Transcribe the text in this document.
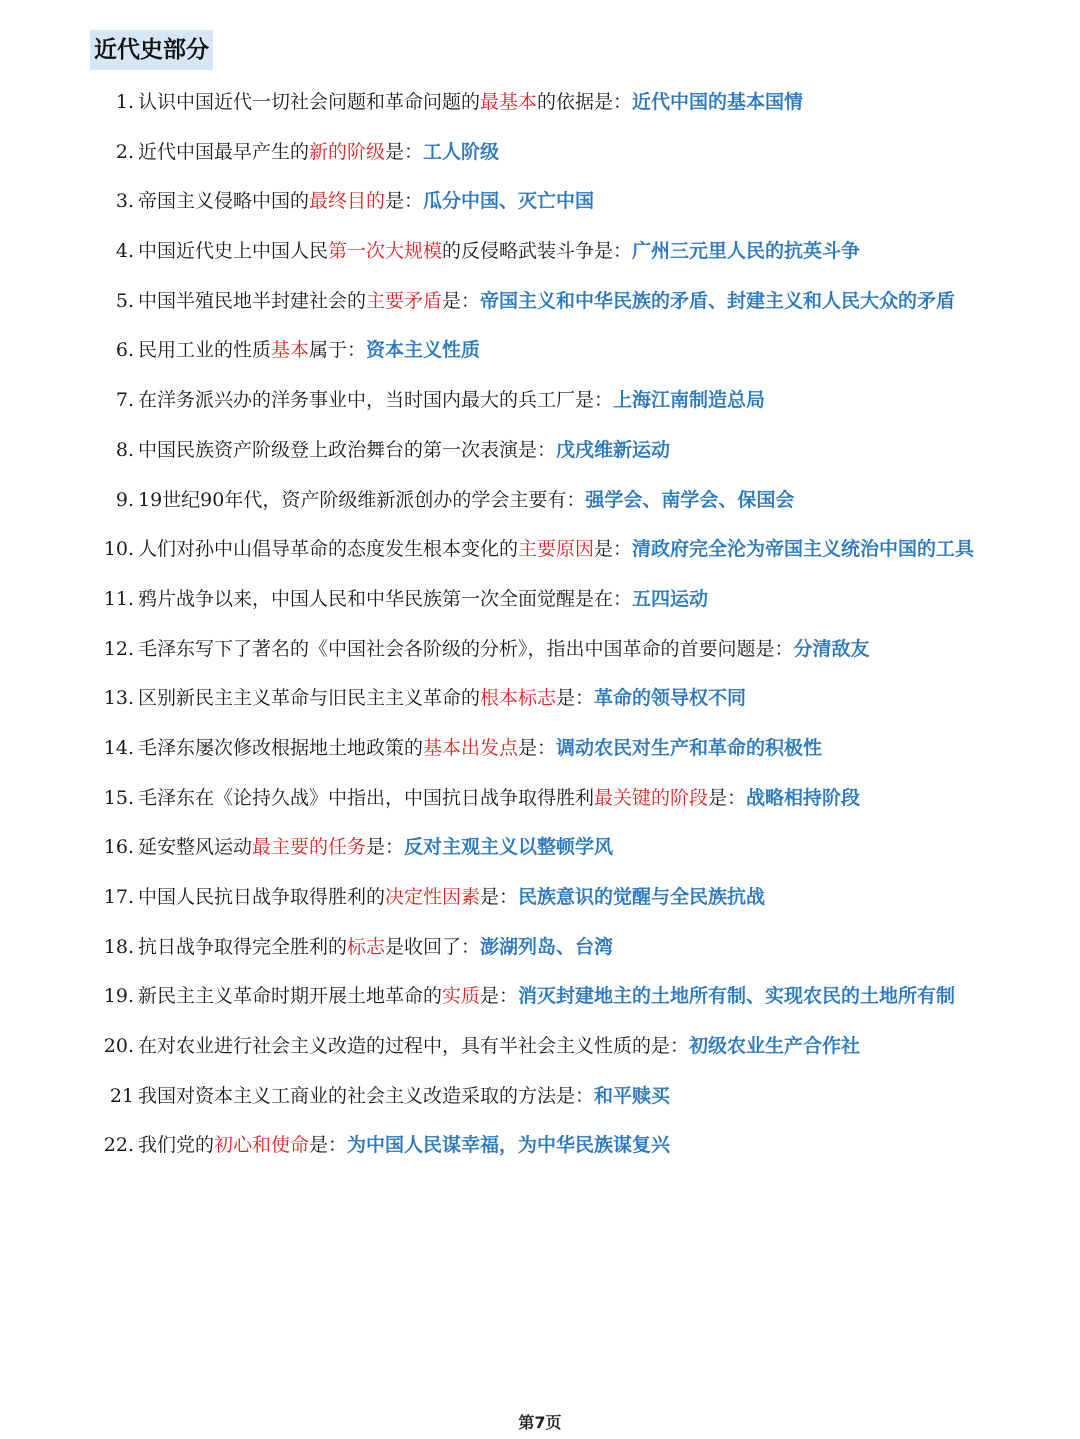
近代史部分
1. 认识中国近代一切社会问题和革命问题的最基本的依据是：近代中国的基本国情
2. 近代中国最早产生的新的阶级是：工人阶级
3. 帝国主义侵略中国的最终目的是：瓜分中国、灭亡中国
4. 中国近代史上中国人民第一次大规模的反侵略武装斗争是：广州三元里人民的抗英斗争
5. 中国半殖民地半封建社会的主要矛盾是：帝国主义和中华民族的矛盾、封建主义和人民大众的矛盾
6. 民用工业的性质基本属于：资本主义性质
7. 在洋务派兴办的洋务事业中，当时国内最大的兵工厂是：上海江南制造总局
8. 中国民族资产阶级登上政治舞台的第一次表演是：戊戌维新运动
9. 19世纪90年代，资产阶级维新派创办的学会主要有：强学会、南学会、保国会
10. 人们对孙中山倡导革命的态度发生根本变化的主要原因是：清政府完全沦为帝国主义统治中国的工具
11. 鸦片战争以来，中国人民和中华民族第一次全面觉醒是在：五四运动
12. 毛泽东写下了著名的《中国社会各阶级的分析》，指出中国革命的首要问题是：分清敌友
13. 区别新民主主义革命与旧民主主义革命的根本标志是：革命的领导权不同
14. 毛泽东屡次修改根据地土地政策的基本出发点是：调动农民对生产和革命的积极性
15. 毛泽东在《论持久战》中指出，中国抗日战争取得胜利最关键的阶段是：战略相持阶段
16. 延安整风运动最主要的任务是：反对主观主义以整顿学风
17. 中国人民抗日战争取得胜利的决定性因素是：民族意识的觉醒与全民族抗战
18. 抗日战争取得完全胜利的标志是收回了：澎湖列岛、台湾
19. 新民主主义革命时期开展土地革命的实质是：消灭封建地主的土地所有制、实现农民的土地所有制
20. 在对农业进行社会主义改造的过程中，具有半社会主义性质的是：初级农业生产合作社
21 我国对资本主义工商业的社会主义改造采取的方法是：和平赎买
22. 我们党的初心和使命是：为中国人民谋幸福，为中华民族谋复兴
第7页
